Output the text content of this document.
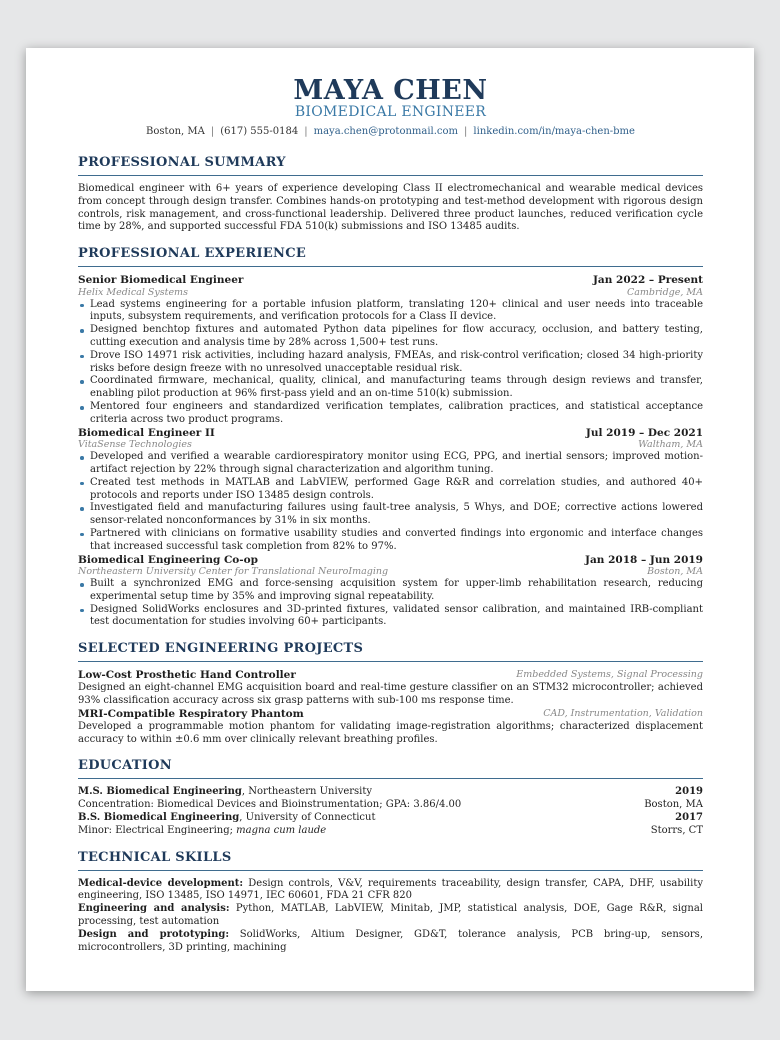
MAYA CHEN
BIOMEDICAL ENGINEER
Boston, MA | (617) 555-0184 | maya.chen@protonmail.com | linkedin.com/in/maya-chen-bme
PROFESSIONAL SUMMARY

Biomedical engineer with 6+ years of experience developing Class II electromechanical and wearable medical devices from concept through design transfer. Combines hands-on prototyping and test-method development with rigorous design controls, risk management, and cross-functional leadership. Delivered three product launches, reduced verification cycle time by 28%, and supported successful FDA 510(k) submissions and ISO 13485 audits.

PROFESSIONAL EXPERIENCE
Senior Biomedical Engineer	Jan 2022 – Present
Helix Medical Systems	Cambridge, MA
Lead systems engineering for a portable infusion platform, translating 120+ clinical and user needs into traceable inputs, subsystem requirements, and verification protocols for a Class II device.
Designed benchtop fixtures and automated Python data pipelines for flow accuracy, occlusion, and battery testing, cutting execution and analysis time by 28% across 1,500+ test runs.
Drove ISO 14971 risk activities, including hazard analysis, FMEAs, and risk-control verification; closed 34 high-priority risks before design freeze with no unresolved unacceptable residual risk.
Coordinated firmware, mechanical, quality, clinical, and manufacturing teams through design reviews and transfer, enabling pilot production at 96% first-pass yield and an on-time 510(k) submission.
Mentored four engineers and standardized verification templates, calibration practices, and statistical acceptance criteria across two product programs.
Biomedical Engineer II	Jul 2019 – Dec 2021
VitaSense Technologies	Waltham, MA
Developed and verified a wearable cardiorespiratory monitor using ECG, PPG, and inertial sensors; improved motion-artifact rejection by 22% through signal characterization and algorithm tuning.
Created test methods in MATLAB and LabVIEW, performed Gage R&R and correlation studies, and authored 40+ protocols and reports under ISO 13485 design controls.
Investigated field and manufacturing failures using fault-tree analysis, 5 Whys, and DOE; corrective actions lowered sensor-related nonconformances by 31% in six months.
Partnered with clinicians on formative usability studies and converted findings into ergonomic and interface changes that increased successful task completion from 82% to 97%.
Biomedical Engineering Co-op	Jan 2018 – Jun 2019
Northeastern University Center for Translational NeuroImaging	Boston, MA
Built a synchronized EMG and force-sensing acquisition system for upper-limb rehabilitation research, reducing experimental setup time by 35% and improving signal repeatability.
Designed SolidWorks enclosures and 3D-printed fixtures, validated sensor calibration, and maintained IRB-compliant test documentation for studies involving 60+ participants.
SELECTED ENGINEERING PROJECTS
Low-Cost Prosthetic Hand Controller	Embedded Systems, Signal Processing
Designed an eight-channel EMG acquisition board and real-time gesture classifier on an STM32 microcontroller; achieved 93% classification accuracy across six grasp patterns with sub-100 ms response time.
MRI-Compatible Respiratory Phantom	CAD, Instrumentation, Validation
Developed a programmable motion phantom for validating image-registration algorithms; characterized displacement accuracy to within ±0.6 mm over clinically relevant breathing profiles.
EDUCATION
M.S. Biomedical Engineering, Northeastern University	2019
Concentration: Biomedical Devices and Bioinstrumentation; GPA: 3.86/4.00	Boston, MA
B.S. Biomedical Engineering, University of Connecticut	2017
Minor: Electrical Engineering; magna cum laude	Storrs, CT
TECHNICAL SKILLS
Medical-device development: Design controls, V&V, requirements traceability, design transfer, CAPA, DHF, usability engineering, ISO 13485, ISO 14971, IEC 60601, FDA 21 CFR 820
Engineering and analysis: Python, MATLAB, LabVIEW, Minitab, JMP, statistical analysis, DOE, Gage R&R, signal processing, test automation
Design and prototyping: SolidWorks, Altium Designer, GD&T, tolerance analysis, PCB bring-up, sensors, microcontrollers, 3D printing, machining
